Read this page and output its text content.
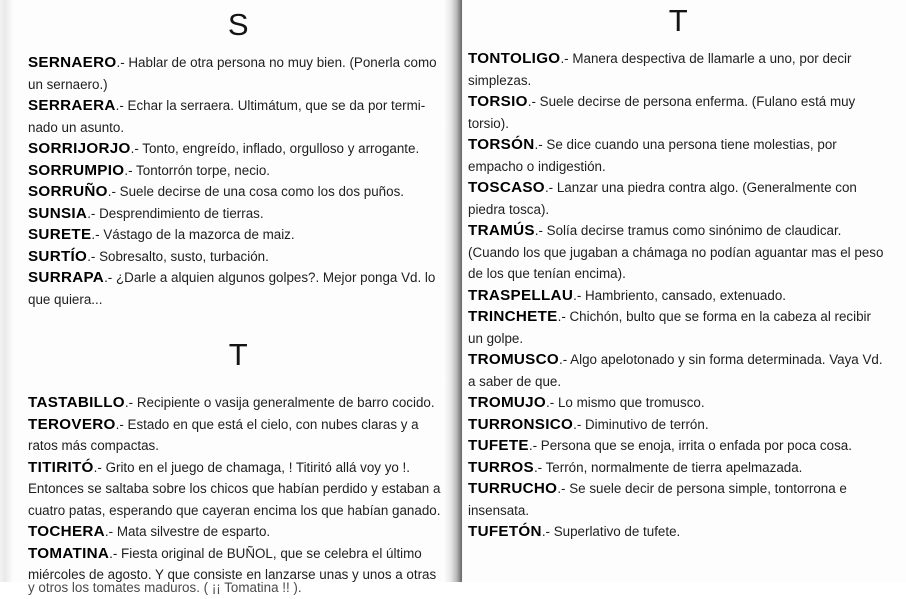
S

SERNAERO.- Hablar de otra persona no muy bien. (Ponerla como un sernaero.)

SERRAERA.- Echar la serraera. Ultimátum, que se da por termi-nado un asunto.

SORRIJORJO.- Tonto, engreído, inflado, orgulloso y arrogante.

SORRUMPIO.- Tontorrón torpe, necio.

SORRUÑO.- Suele decirse de una cosa como los dos puños.

SUNSIA.- Desprendimiento de tierras.

SURETE.- Vástago de la mazorca de maiz.

SURTÍO.- Sobresalto, susto, turbación.

SURRAPA.- ¿Darle a alquien algunos golpes?. Mejor ponga Vd. lo que quiera...

T

TASTABILLO.- Recipiente o vasija generalmente de barro cocido.

TEROVERO.- Estado en que está el cielo, con nubes claras y a ratos más compactas.

TITIRITÓ.- Grito en el juego de chamaga, ! Titiritó allá voy yo !. Entonces se saltaba sobre los chicos que habían perdido y estaban a cuatro patas, esperando que cayeran encima los que habían ganado.

TOCHERA.- Mata silvestre de esparto.

TOMATINA.- Fiesta original de BUÑOL, que se celebra el último miércoles de agosto. Y que consiste en lanzarse unas y unos a otras

T

TONTOLIGO.- Manera despectiva de llamarle a uno, por decir simplezas.

TORSIO.- Suele decirse de persona enferma. (Fulano está muy torsio).

TORSÓN.- Se dice cuando una persona tiene molestias, por empacho o indigestión.

TOSCASO.- Lanzar una piedra contra algo. (Generalmente con piedra tosca).

TRAMÚS.- Solía decirse tramus como sinónimo de claudicar. (Cuando los que jugaban a chámaga no podían aguantar mas el peso de los que tenían encima).

TRASPELLAU.- Hambriento, cansado, extenuado.

TRINCHETE.- Chichón, bulto que se forma en la cabeza al recibir un golpe.

TROMUSCO.- Algo apelotonado y sin forma determinada. Vaya Vd. a saber de que.

TROMUJO.- Lo mismo que tromusco.

TURRONSICO.- Diminutivo de terrón.

TUFETE.- Persona que se enoja, irrita o enfada por poca cosa.

TURROS.- Terrón, normalmente de tierra apelmazada.

TURRUCHO.- Se suele decir de persona simple, tontorrona e insensata.

TUFETÓN.- Superlativo de tufete.

y otros los tomates maduros. ( ¡¡ Tomatina !! ).
